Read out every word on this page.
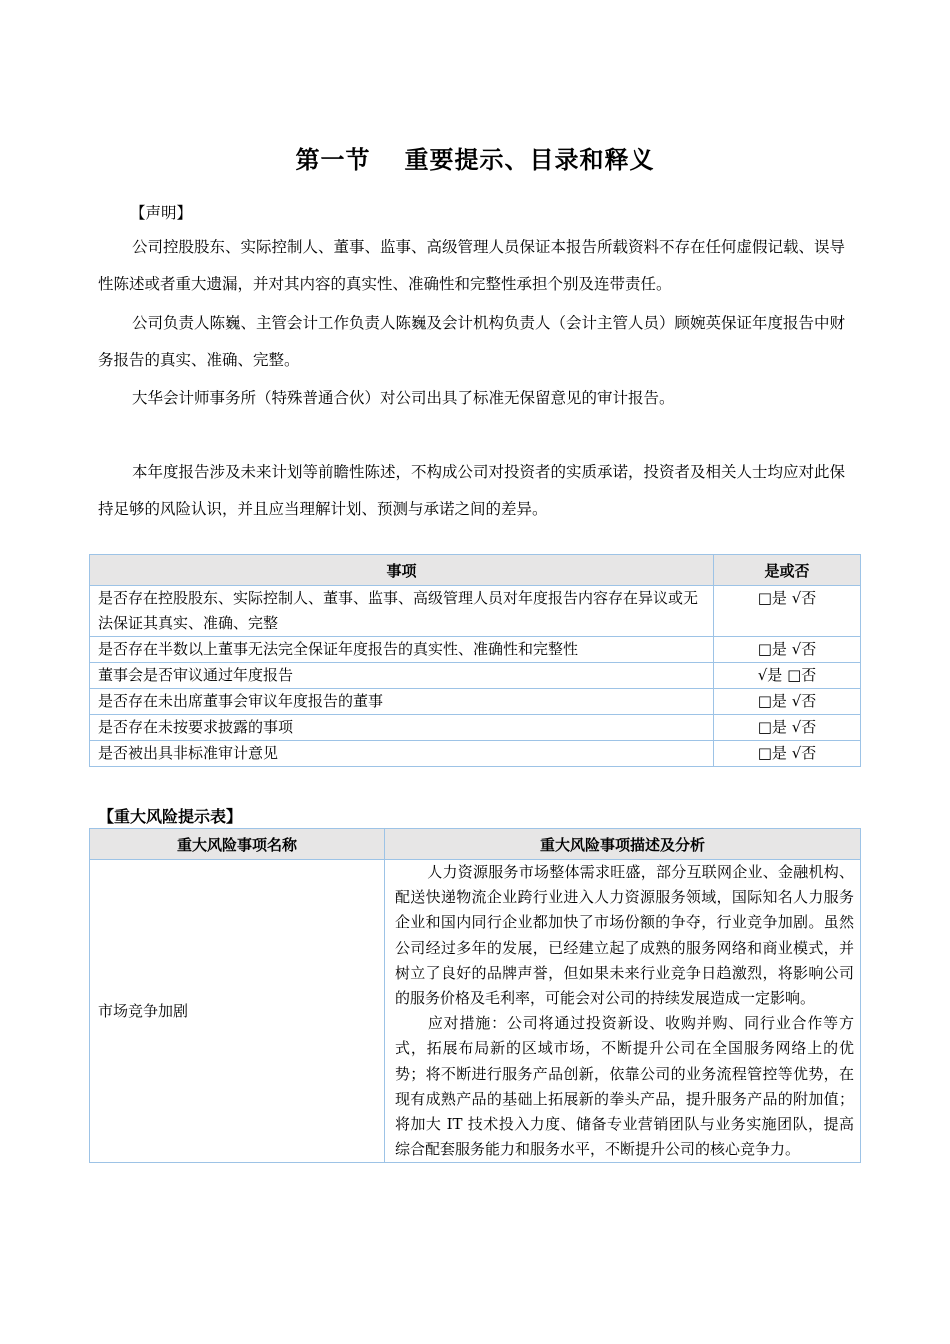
第一节 重要提示、目录和释义
【声明】
公司控股股东、实际控制人、董事、监事、高级管理人员保证本报告所载资料不存在任何虚假记载、误导性陈述或者重大遗漏，并对其内容的真实性、准确性和完整性承担个别及连带责任。
公司负责人陈巍、主管会计工作负责人陈巍及会计机构负责人（会计主管人员）顾婉英保证年度报告中财务报告的真实、准确、完整。
大华会计师事务所（特殊普通合伙）对公司出具了标准无保留意见的审计报告。
本年度报告涉及未来计划等前瞻性陈述，不构成公司对投资者的实质承诺，投资者及相关人士均应对此保持足够的风险认识，并且应当理解计划、预测与承诺之间的差异。
事项	是或否
是否存在控股股东、实际控制人、董事、监事、高级管理人员对年度报告内容存在异议或无法保证其真实、准确、完整	□是 √否
是否存在半数以上董事无法完全保证年度报告的真实性、准确性和完整性	□是 √否
董事会是否审议通过年度报告	√是 □否
是否存在未出席董事会审议年度报告的董事	□是 √否
是否存在未按要求披露的事项	□是 √否
是否被出具非标准审计意见	□是 √否
【重大风险提示表】
重大风险事项名称	重大风险事项描述及分析
市场竞争加剧	人力资源服务市场整体需求旺盛，部分互联网企业、金融机构、配送快递物流企业跨行业进入人力资源服务领域，国际知名人力服务企业和国内同行企业都加快了市场份额的争夺，行业竞争加剧。虽然公司经过多年的发展，已经建立起了成熟的服务网络和商业模式，并树立了良好的品牌声誉，但如果未来行业竞争日趋激烈，将影响公司的服务价格及毛利率，可能会对公司的持续发展造成一定影响。
应对措施：公司将通过投资新设、收购并购、同行业合作等方式，拓展布局新的区域市场，不断提升公司在全国服务网络上的优势；将不断进行服务产品创新，依靠公司的业务流程管控等优势，在现有成熟产品的基础上拓展新的拳头产品，提升服务产品的附加值；将加大 IT 技术投入力度、储备专业营销团队与业务实施团队，提高综合配套服务能力和服务水平，不断提升公司的核心竞争力。
